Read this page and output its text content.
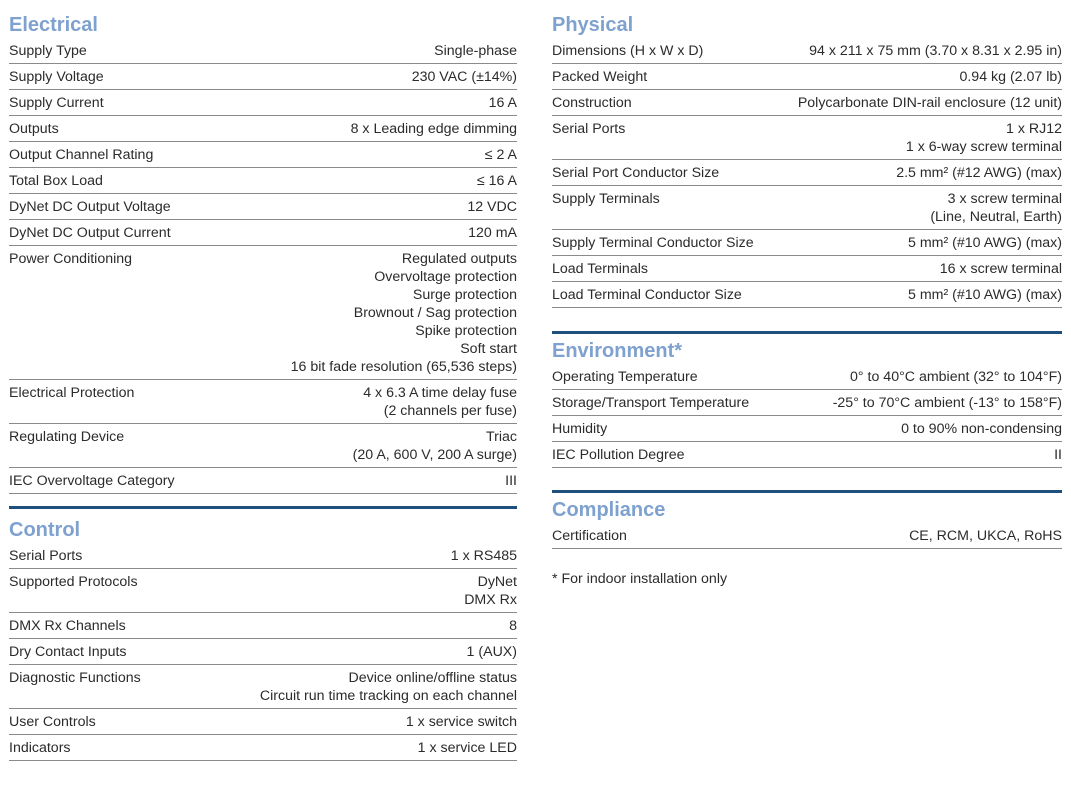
Electrical
Supply Type	Single-phase
Supply Voltage	230 VAC (±14%)
Supply Current	16 A
Outputs	8 x Leading edge dimming
Output Channel Rating	≤ 2 A
Total Box Load	≤ 16 A
DyNet DC Output Voltage	12 VDC
DyNet DC Output Current	120 mA
Power Conditioning	Regulated outputs
Overvoltage protection
Surge protection
Brownout / Sag protection
Spike protection
Soft start
16 bit fade resolution (65,536 steps)
Electrical Protection	4 x 6.3 A time delay fuse
(2 channels per fuse)
Regulating Device	Triac
(20 A, 600 V, 200 A surge)
IEC Overvoltage Category	III
Control
Serial Ports	1 x RS485
Supported Protocols	DyNet
DMX Rx
DMX Rx Channels	8
Dry Contact Inputs	1 (AUX)
Diagnostic Functions	Device online/offline status
Circuit run time tracking on each channel
User Controls	1 x service switch
Indicators	1 x service LED
Physical
Dimensions (H x W x D)	94 x 211 x 75 mm (3.70 x 8.31 x 2.95 in)
Packed Weight	0.94 kg (2.07 lb)
Construction	Polycarbonate DIN-rail enclosure (12 unit)
Serial Ports	1 x RJ12
1 x 6-way screw terminal
Serial Port Conductor Size	2.5 mm² (#12 AWG) (max)
Supply Terminals	3 x screw terminal
(Line, Neutral, Earth)
Supply Terminal Conductor Size	5 mm² (#10 AWG) (max)
Load Terminals	16 x screw terminal
Load Terminal Conductor Size	5 mm² (#10 AWG) (max)
Environment*
Operating Temperature	0° to 40°C ambient (32° to 104°F)
Storage/Transport Temperature	-25° to 70°C ambient (-13° to 158°F)
Humidity	0 to 90% non-condensing
IEC Pollution Degree	II
Compliance
Certification	CE, RCM, UKCA, RoHS
* For indoor installation only
